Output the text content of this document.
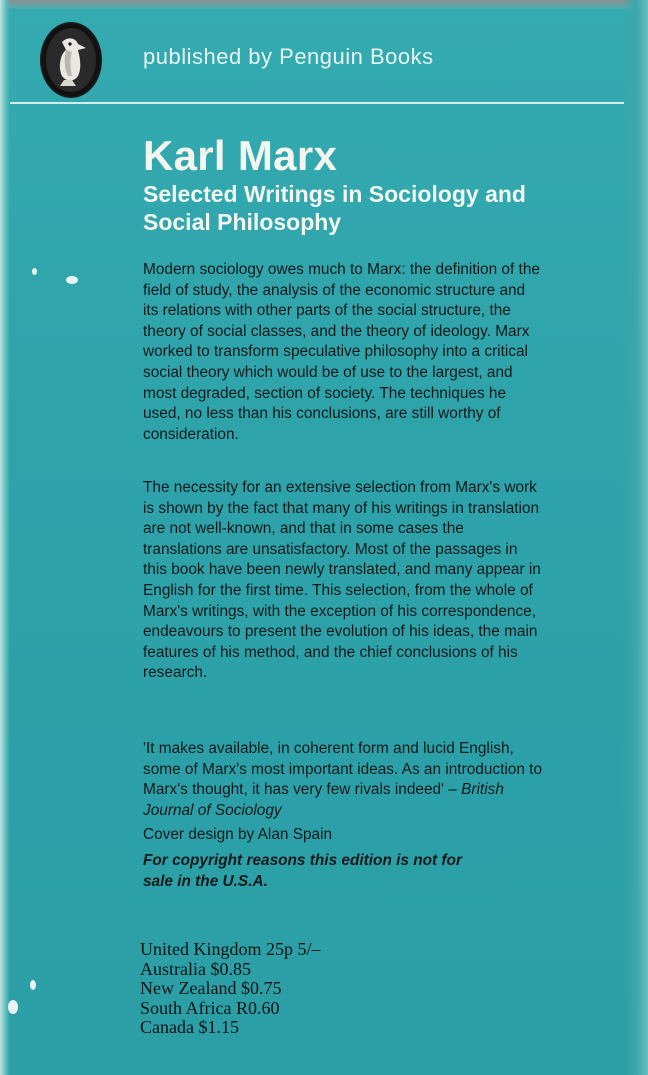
published by Penguin Books

Karl Marx
Selected Writings in Sociology and Social Philosophy

Modern sociology owes much to Marx: the definition of the field of study, the analysis of the economic structure and its relations with other parts of the social structure, the theory of social classes, and the theory of ideology. Marx worked to transform speculative philosophy into a critical social theory which would be of use to the largest, and most degraded, section of society. The techniques he used, no less than his conclusions, are still worthy of consideration.

The necessity for an extensive selection from Marx's work is shown by the fact that many of his writings in translation are not well-known, and that in some cases the translations are unsatisfactory. Most of the passages in this book have been newly translated, and many appear in English for the first time. This selection, from the whole of Marx's writings, with the exception of his correspondence, endeavours to present the evolution of his ideas, the main features of his method, and the chief conclusions of his research.

'It makes available, in coherent form and lucid English, some of Marx's most important ideas. As an introduction to Marx's thought, it has very few rivals indeed' – British Journal of Sociology

Cover design by Alan Spain

For copyright reasons this edition is not for sale in the U.S.A.

United Kingdom 25p 5/–
Australia $0.85
New Zealand $0.75
South Africa R0.60
Canada $1.15
